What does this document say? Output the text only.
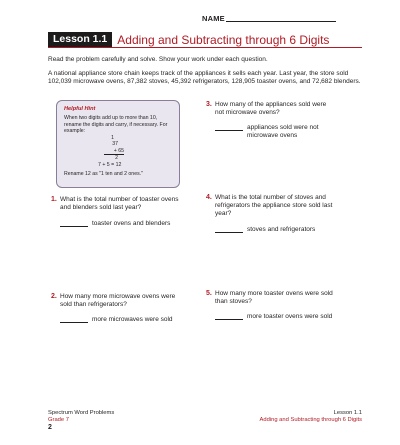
NAME
Lesson 1.1 Adding and Subtracting through 6 Digits

Read the problem carefully and solve. Show your work under each question.

A national appliance store chain keeps track of the appliances it sells each year. Last year, the store sold 102,039 microwave ovens, 87,382 stoves, 45,392 refrigerators, 128,905 toaster ovens, and 72,682 blenders.

Helpful Hint
When two digits add up to more than 10, rename the digits and carry, if necessary. For example:
1
37
+ 65
2
7 + 5 = 12
Rename 12 as "1 ten and 2 ones."
1. What is the total number of toaster ovens and blenders sold last year?
toaster ovens and blenders
2. How many more microwave ovens were sold than refrigerators?
more microwaves were sold
3. How many of the appliances sold were not microwave ovens?
appliances sold were not microwave ovens
4. What is the total number of stoves and refrigerators the appliance store sold last year?
stoves and refrigerators
5. How many more toaster ovens were sold than stoves?
more toaster ovens were sold
Spectrum Word Problems
Grade 7
2
Lesson 1.1
Adding and Subtracting through 6 Digits
